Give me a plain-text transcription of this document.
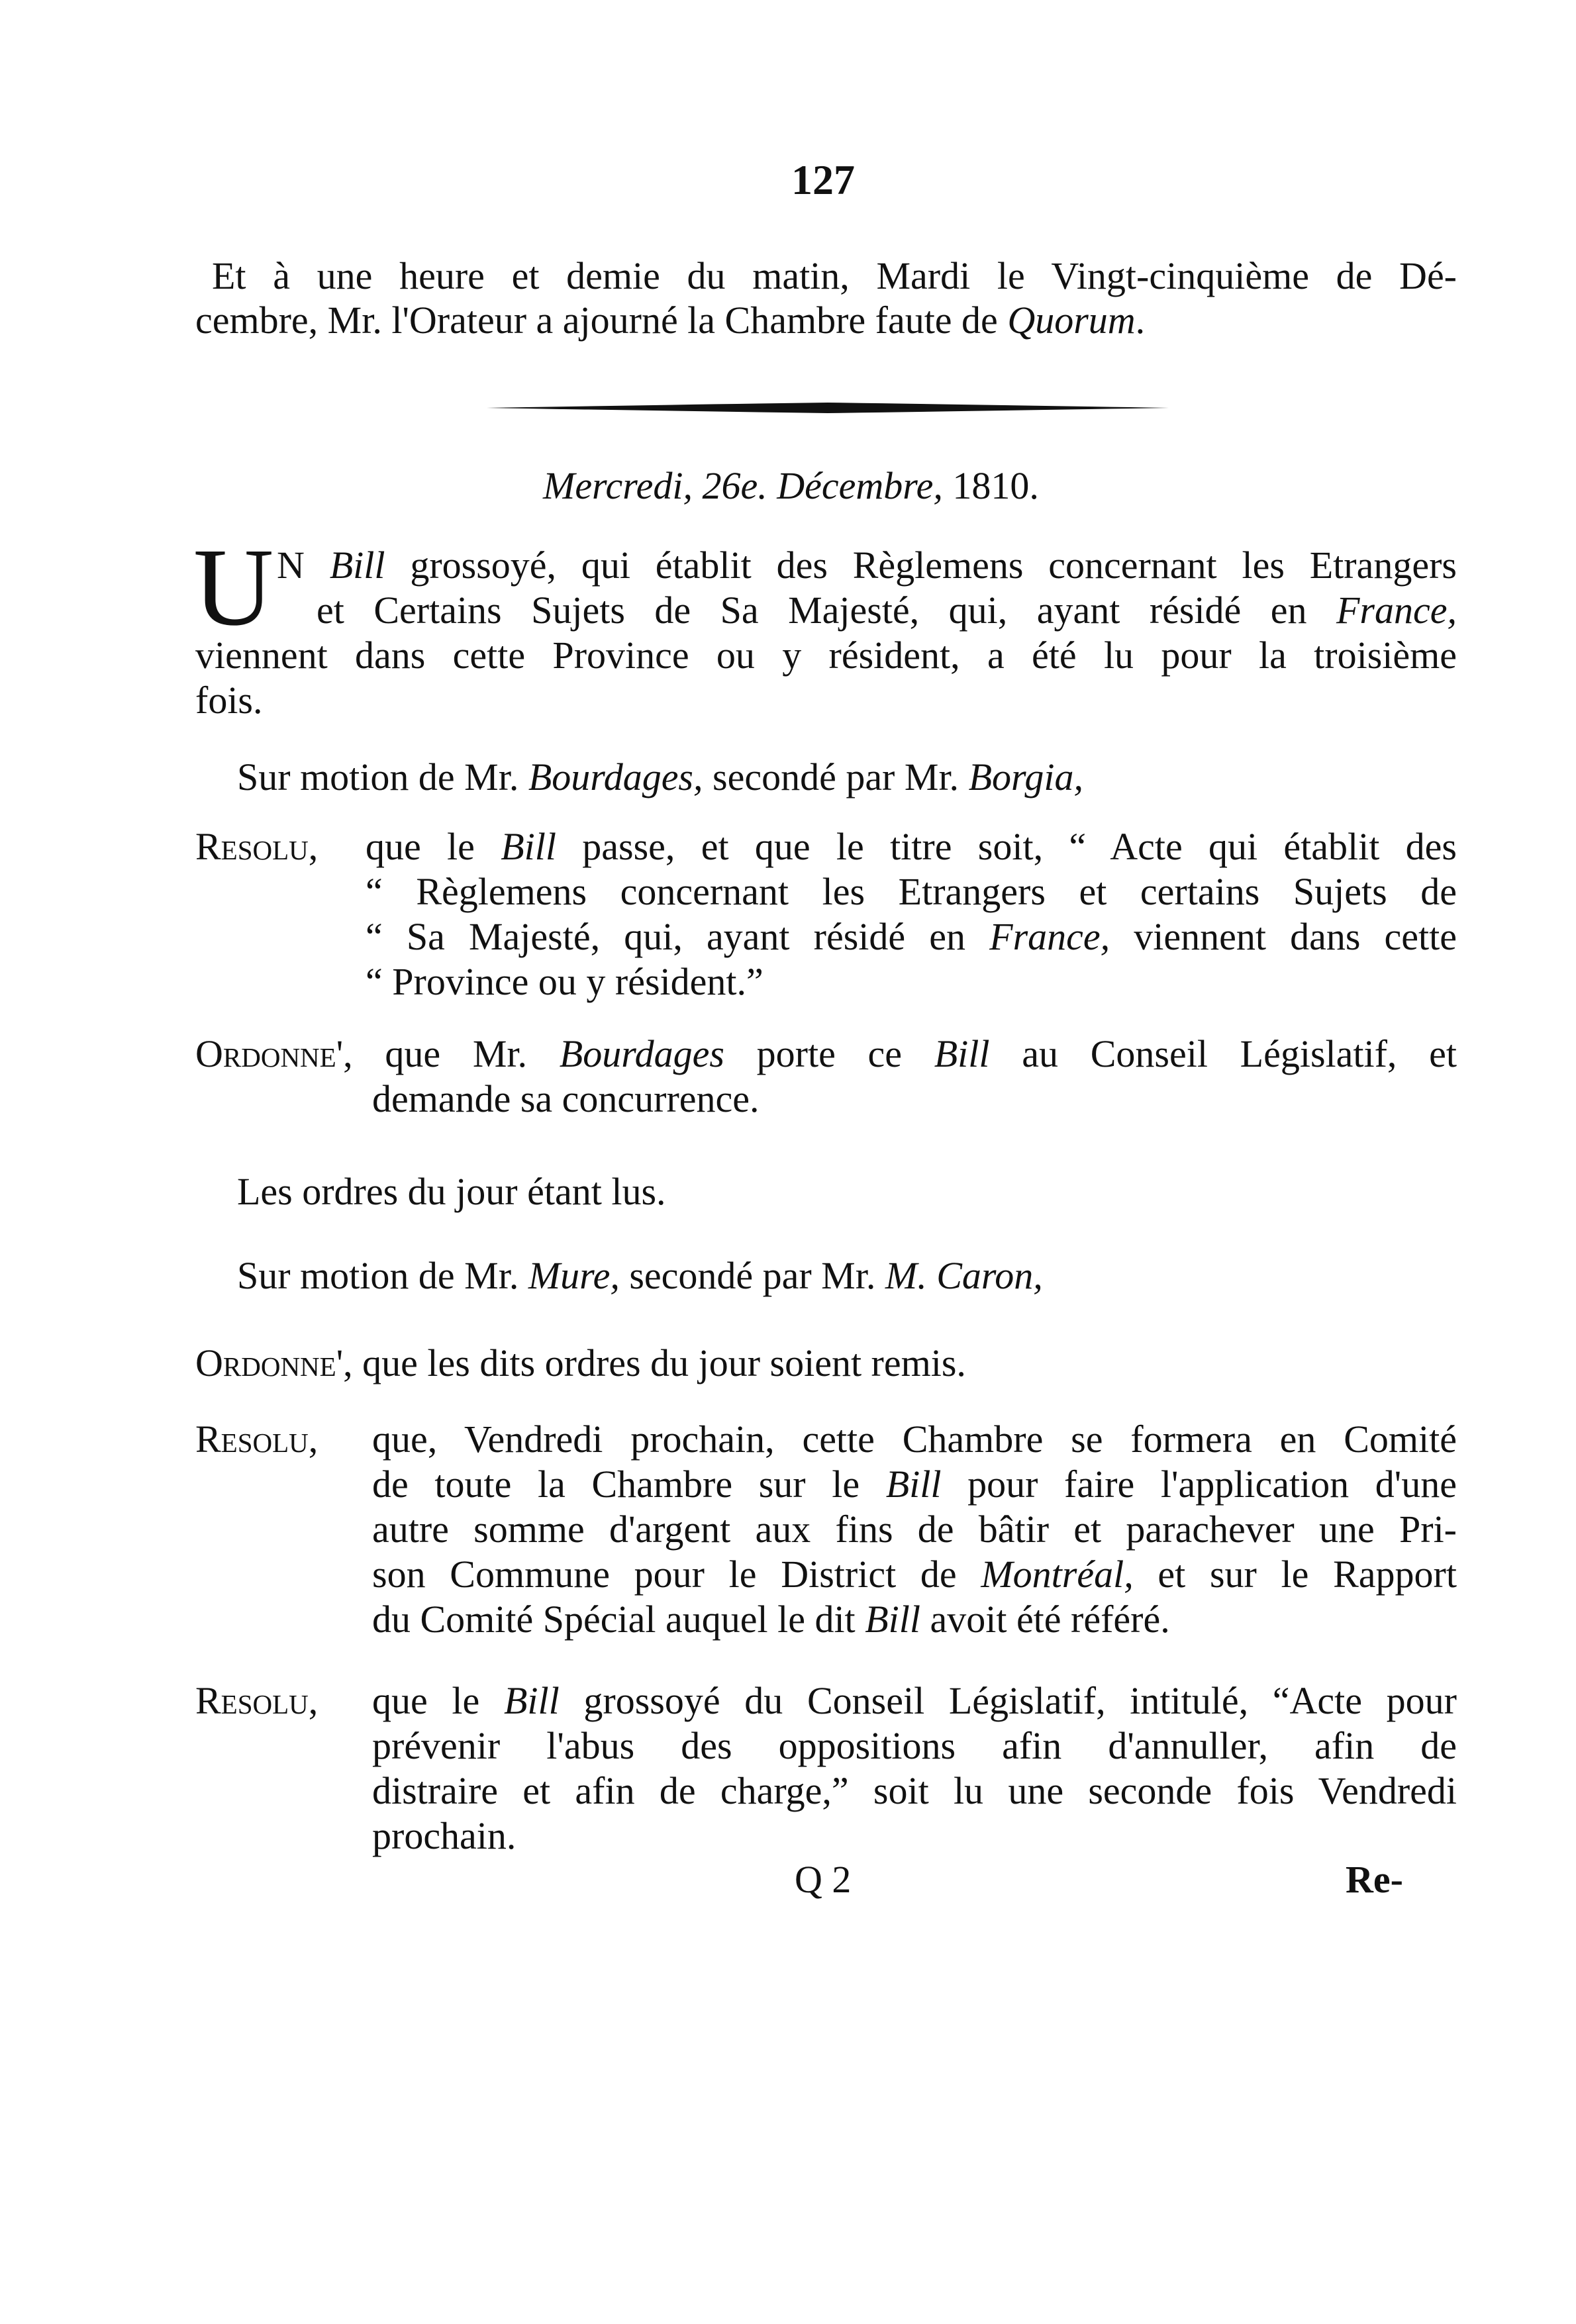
127
Et à une heure et demie du matin, Mardi le Vingt-cinquième de Dé-
cembre, Mr. l'Orateur a ajourné la Chambre faute de Quorum.
Mercredi, 26e. Décembre, 1810.
U N Bill grossoyé, qui établit des Règlemens concernant les Etrangers
et Certains Sujets de Sa Majesté, qui, ayant résidé en France,
viennent dans cette Province ou y résident, a été lu pour la troisième
fois.
Sur motion de Mr. Bourdages, secondé par Mr. Borgia,
Resolu,	que le Bill passe, et que le titre soit, “ Acte qui établit des
“ Règlemens concernant les Etrangers et certains Sujets de
“ Sa Majesté, qui, ayant résidé en France, viennent dans cette
“ Province ou y résident.”
Ordonne', que Mr. Bourdages porte ce Bill au Conseil Législatif, et
demande sa concurrence.
Les ordres du jour étant lus.
Sur motion de Mr. Mure, secondé par Mr. M. Caron,
Ordonne', que les dits ordres du jour soient remis.
Resolu,	que, Vendredi prochain, cette Chambre se formera en Comité
de toute la Chambre sur le Bill pour faire l'application d'une
autre somme d'argent aux fins de bâtir et parachever une Pri-
son Commune pour le District de Montréal, et sur le Rapport
du Comité Spécial auquel le dit Bill avoit été référé.
Resolu,	que le Bill grossoyé du Conseil Législatif, intitulé, “Acte pour
prévenir l'abus des oppositions afin d'annuller, afin de
distraire et afin de charge,” soit lu une seconde fois Vendredi
prochain.
Q 2	Re-
